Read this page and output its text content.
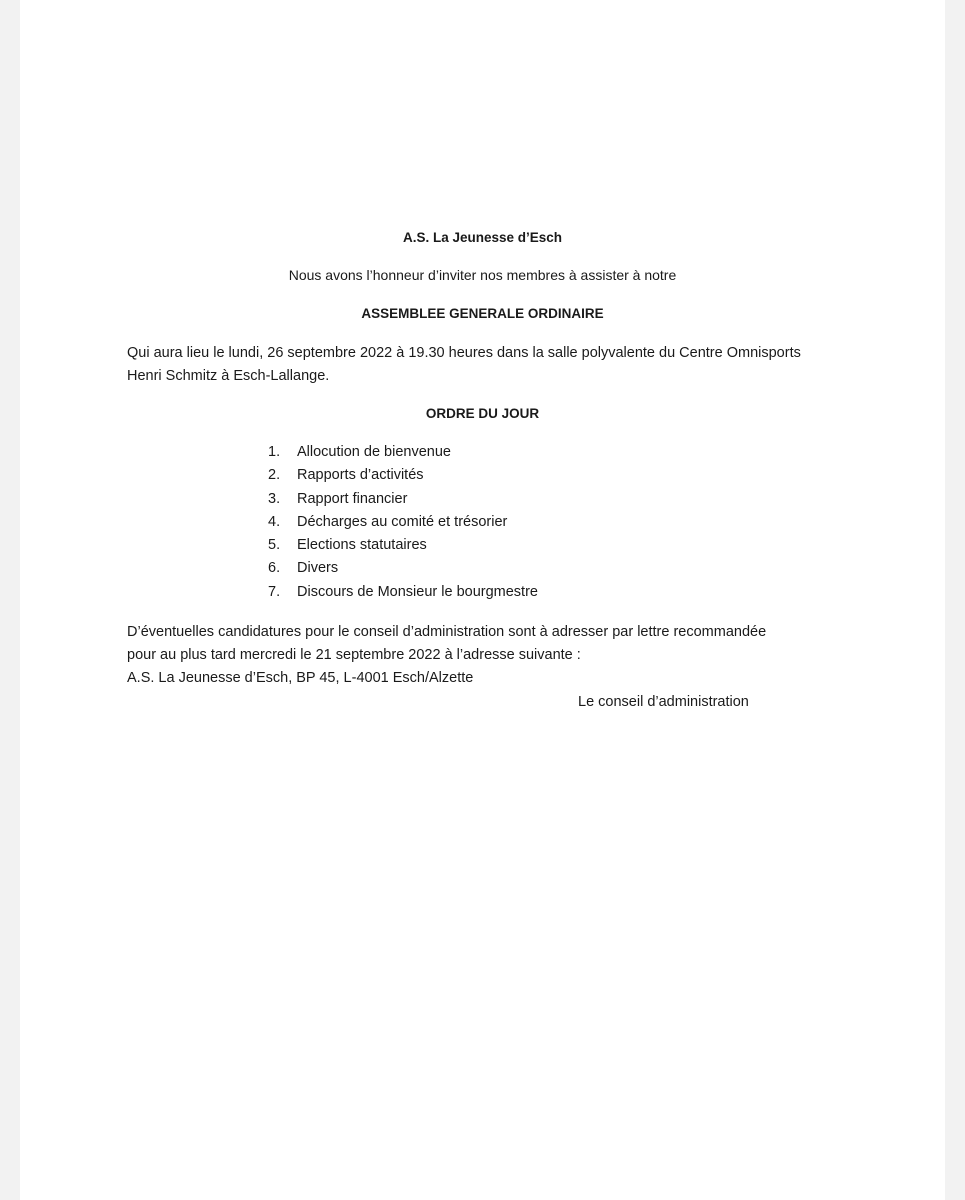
A.S. La Jeunesse d’Esch
Nous avons l’honneur d’inviter nos membres à assister à notre
ASSEMBLEE GENERALE ORDINAIRE
Qui aura lieu le lundi, 26 septembre 2022 à 19.30 heures dans la salle polyvalente du Centre Omnisports
Henri Schmitz à Esch-Lallange.
ORDRE DU JOUR
1. Allocution de bienvenue
2. Rapports d’activités
3. Rapport financier
4. Décharges au comité et trésorier
5. Elections statutaires
6. Divers
7. Discours de Monsieur le bourgmestre
D’éventuelles candidatures pour le conseil d’administration sont à adresser par lettre recommandée
pour au plus tard mercredi le 21 septembre 2022 à l’adresse suivante :
A.S. La Jeunesse d’Esch, BP 45, L-4001 Esch/Alzette
Le conseil d’administration
